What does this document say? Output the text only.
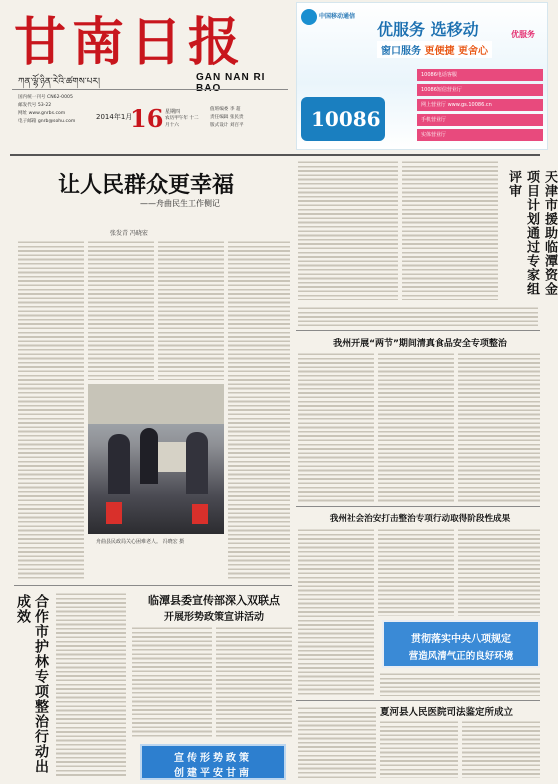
甘南日报
ཀན་ལྷོ་ཉིན་རེའི་ཚགས་པར།	GAN NAN RI
国内统一刊号 CN62-0005
邮发代号 53-22
网址 www.gnrbs.com
电子邮箱 gnrb@sohu.com
2014年1月
16 星期四
农历甲午年 十二月十六
值班编委 李 超
责任编辑 张民贵
版式设计 刘百平
中国移动通信
优服务 选移动
窗口服务 更便捷 更舍心
优服务
10086
10086电话客服
10086短信营业厅
网上营业厅 www.gs.10086.cn
手机营业厅
实体营业厅
让人民群众更幸福
——舟曲民生工作侧记
张发青 冯晓宏
舟曲县民政局关心困难老人。 冯晓宏 摄
天津市援助临潭资金项目计划通过专家组评审
我州开展“两节”期间清真食品安全专项整治
我州社会治安打击整治专项行动取得阶段性成果
贯彻落实中央八项规定
营造风清气正的良好环境
夏河县人民医院司法鉴定所成立
合作市护林专项整治行动出成效	临潭县委宣传部深入双联点
开展形势政策宣讲活动
宣传形势政策
创建平安甘南
